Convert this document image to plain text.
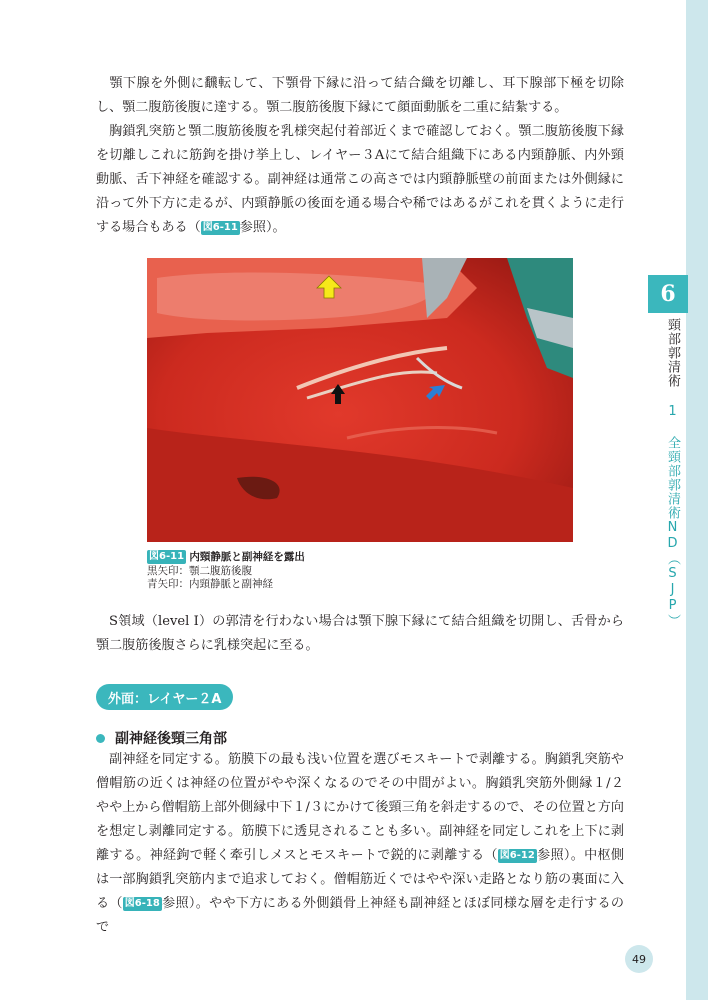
6
頸部郭清術 1 全頸部郭清術ND（SJP）

顎下腺を外側に飜転して、下顎骨下縁に沿って結合織を切離し、耳下腺部下極を切除し、顎二腹筋後腹に達する。顎二腹筋後腹下縁にて顔面動脈を二重に結紮する。

胸鎖乳突筋と顎二腹筋後腹を乳様突起付着部近くまで確認しておく。顎二腹筋後腹下縁を切離しこれに筋鉤を掛け挙上し、レイヤー３Aにて結合組織下にある内頸静脈、内外頸動脈、舌下神経を確認する。副神経は通常この高さでは内頸静脈壁の前面または外側縁に沿って外下方に走るが、内頸静脈の後面を通る場合や稀ではあるがこれを貫くように走行する場合もある（ 図6-11 参照）。

図6-11 内頸静脈と副神経を露出
黒矢印：顎二腹筋後腹
青矢印：内頸静脈と副神経

S領域（level Ⅰ）の郭清を行わない場合は顎下腺下縁にて結合組織を切開し、舌骨から顎二腹筋後腹さらに乳様突起に至る。

外面：レイヤー２A
副神経後頸三角部

副神経を同定する。筋膜下の最も浅い位置を選びモスキートで剥離する。胸鎖乳突筋や僧帽筋の近くは神経の位置がやや深くなるのでその中間がよい。胸鎖乳突筋外側縁１/２やや上から僧帽筋上部外側縁中下１/３にかけて後頸三角を斜走するので、その位置と方向を想定し剥離同定する。筋膜下に透見されることも多い。副神経を同定しこれを上下に剥離する。神経鉤で軽く牽引しメスとモスキートで鋭的に剥離する（ 図6-12 参照）。中枢側は一部胸鎖乳突筋内まで追求しておく。僧帽筋近くではやや深い走路となり筋の裏面に入る（ 図6-18 参照）。やや下方にある外側鎖骨上神経も副神経とほぼ同様な層を走行するので

49
